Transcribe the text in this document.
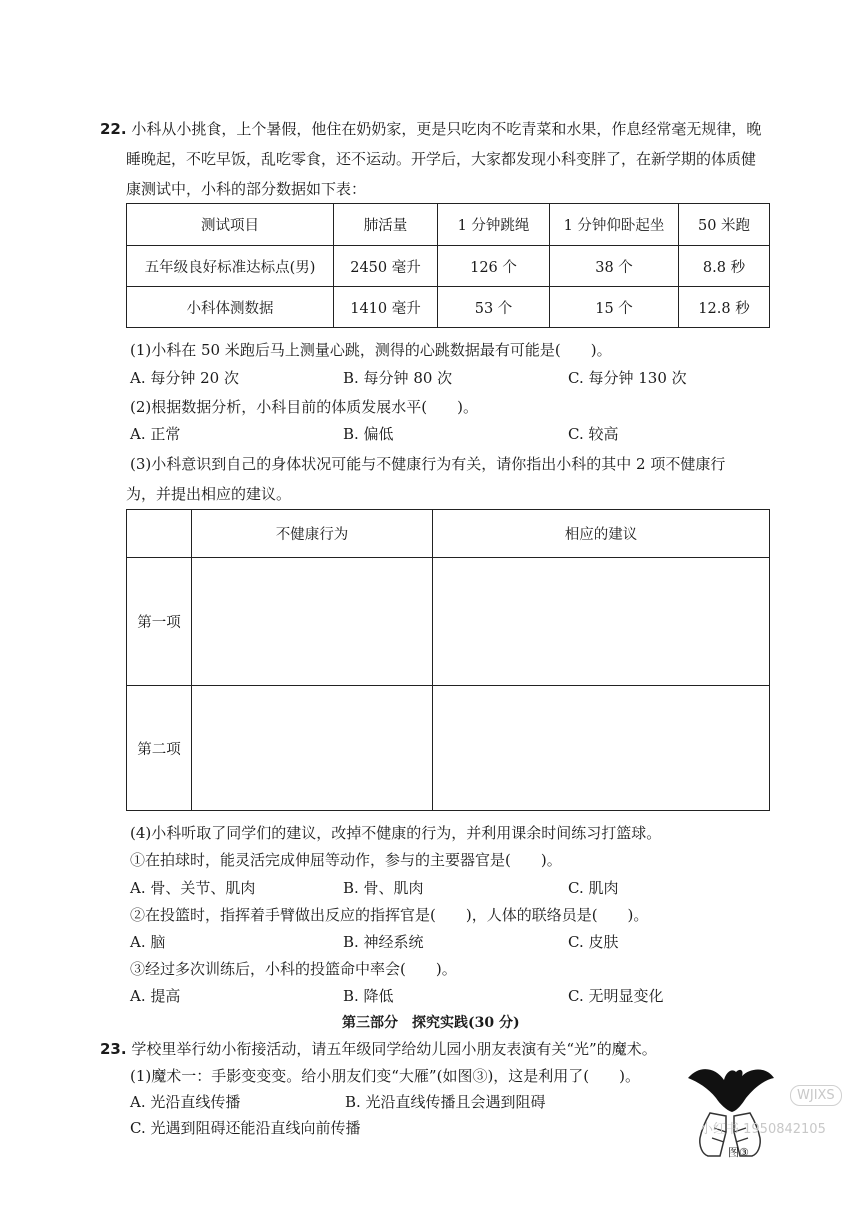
22. 小科从小挑食，上个暑假，他住在奶奶家，更是只吃肉不吃青菜和水果，作息经常毫无规律，晚
睡晚起，不吃早饭，乱吃零食，还不运动。开学后，大家都发现小科变胖了，在新学期的体质健
康测试中，小科的部分数据如下表：
测试项目	肺活量	1 分钟跳绳	1 分钟仰卧起坐	50 米跑
五年级良好标准达标点(男)	2450 毫升	126 个	38 个	8.8 秒
小科体测数据	1410 毫升	53 个	15 个	12.8 秒
(1)小科在 50 米跑后马上测量心跳，测得的心跳数据最有可能是(　　)。
A. 每分钟 20 次	B. 每分钟 80 次	C. 每分钟 130 次
(2)根据数据分析，小科目前的体质发展水平(　　)。
A. 正常	B. 偏低	C. 较高
(3)小科意识到自己的身体状况可能与不健康行为有关，请你指出小科的其中 2 项不健康行
为，并提出相应的建议。
	不健康行为	相应的建议
第一项		
第二项		
(4)小科听取了同学们的建议，改掉不健康的行为，并利用课余时间练习打篮球。
①在拍球时，能灵活完成伸屈等动作，参与的主要器官是(　　)。
A. 骨、关节、肌肉	B. 骨、肌肉	C. 肌肉
②在投篮时，指挥着手臂做出反应的指挥官是(　　)，人体的联络员是(　　)。
A. 脑	B. 神经系统	C. 皮肤
③经过多次训练后，小科的投篮命中率会(　　)。
A. 提高	B. 降低	C. 无明显变化
第三部分　探究实践(30 分)
23. 学校里举行幼小衔接活动，请五年级同学给幼儿园小朋友表演有关“光”的魔术。
(1)魔术一：手影变变变。给小朋友们变“大雁”(如图③)，这是利用了(　　)。
A. 光沿直线传播	B. 光沿直线传播且会遇到阻碍
C. 光遇到阻碍还能沿直线向前传播
图③
WJIXS
小红书 1950842105
